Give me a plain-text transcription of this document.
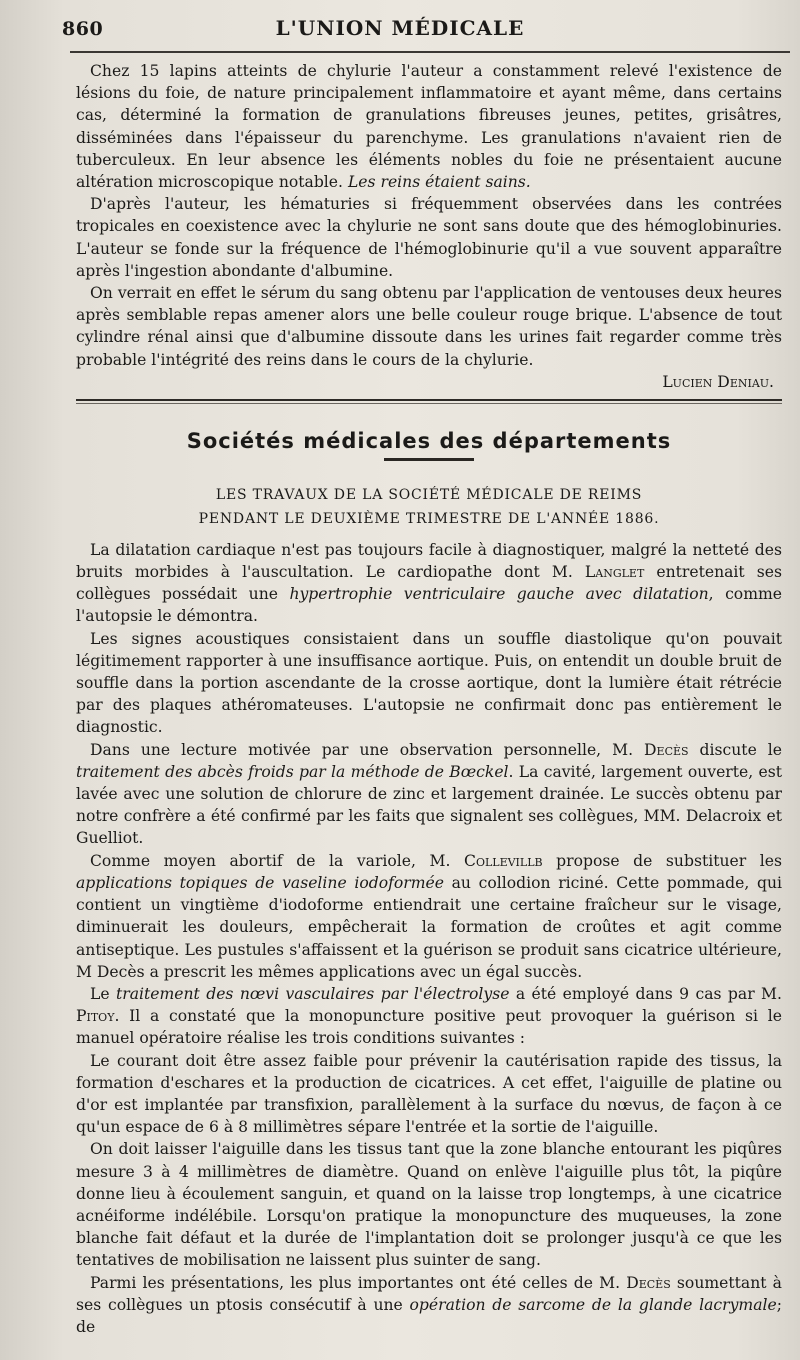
860	L'UNION MÉDICALE

Chez 15 lapins atteints de chylurie l'auteur a constamment relevé l'existence de lésions du foie, de nature principalement inflammatoire et ayant même, dans certains cas, déterminé la formation de granulations fibreuses jeunes, petites, grisâtres, disséminées dans l'épaisseur du parenchyme. Les granulations n'avaient rien de tuberculeux. En leur absence les éléments nobles du foie ne présentaient aucune altération microscopique notable. Les reins étaient sains.

D'après l'auteur, les hématuries si fréquemment observées dans les contrées tropicales en coexistence avec la chylurie ne sont sans doute que des hémoglobinuries. L'auteur se fonde sur la fréquence de l'hémoglobinurie qu'il a vue souvent apparaître après l'ingestion abondante d'albumine.

On verrait en effet le sérum du sang obtenu par l'application de ventouses deux heures après semblable repas amener alors une belle couleur rouge brique. L'absence de tout cylindre rénal ainsi que d'albumine dissoute dans les urines fait regarder comme très probable l'intégrité des reins dans le cours de la chylurie.

Lucien Deniau.
Sociétés médicales des départements
LES TRAVAUX DE LA SOCIÉTÉ MÉDICALE DE REIMS
PENDANT LE DEUXIÈME TRIMESTRE DE L'ANNÉE 1886.

La dilatation cardiaque n'est pas toujours facile à diagnostiquer, malgré la netteté des bruits morbides à l'auscultation. Le cardiopathe dont M. Langlet entretenait ses collègues possédait une hypertrophie ventriculaire gauche avec dilatation, comme l'autopsie le démontra.

Les signes acoustiques consistaient dans un souffle diastolique qu'on pouvait légitimement rapporter à une insuffisance aortique. Puis, on entendit un double bruit de souffle dans la portion ascendante de la crosse aortique, dont la lumière était rétrécie par des plaques athéromateuses. L'autopsie ne confirmait donc pas entièrement le diagnostic.

Dans une lecture motivée par une observation personnelle, M. Decès discute le traitement des abcès froids par la méthode de Bœckel. La cavité, largement ouverte, est lavée avec une solution de chlorure de zinc et largement drainée. Le succès obtenu par notre confrère a été confirmé par les faits que signalent ses collègues, MM. Delacroix et Guelliot.

Comme moyen abortif de la variole, M. Collevillb propose de substituer les applications topiques de vaseline iodoformée au collodion riciné. Cette pommade, qui contient un vingtième d'iodoforme entiendrait une certaine fraîcheur sur le visage, diminuerait les douleurs, empêcherait la formation de croûtes et agit comme antiseptique. Les pustules s'affaissent et la guérison se produit sans cicatrice ultérieure, M Decès a prescrit les mêmes applications avec un égal succès.

Le traitement des nœvi vasculaires par l'électrolyse a été employé dans 9 cas par M. Pitoy. Il a constaté que la monopuncture positive peut provoquer la guérison si le manuel opératoire réalise les trois conditions suivantes :

Le courant doit être assez faible pour prévenir la cautérisation rapide des tissus, la formation d'eschares et la production de cicatrices. A cet effet, l'aiguille de platine ou d'or est implantée par transfixion, parallèlement à la surface du nœvus, de façon à ce qu'un espace de 6 à 8 millimètres sépare l'entrée et la sortie de l'aiguille.

On doit laisser l'aiguille dans les tissus tant que la zone blanche entourant les piqûres mesure 3 à 4 millimètres de diamètre. Quand on enlève l'aiguille plus tôt, la piqûre donne lieu à écoulement sanguin, et quand on la laisse trop longtemps, à une cicatrice acnéiforme indélébile. Lorsqu'on pratique la monopuncture des muqueuses, la zone blanche fait défaut et la durée de l'implantation doit se prolonger jusqu'à ce que les tentatives de mobilisation ne laissent plus suinter de sang.

Parmi les présentations, les plus importantes ont été celles de M. Decès soumettant à ses collègues un ptosis consécutif à une opération de sarcome de la glande lacrymale; de
